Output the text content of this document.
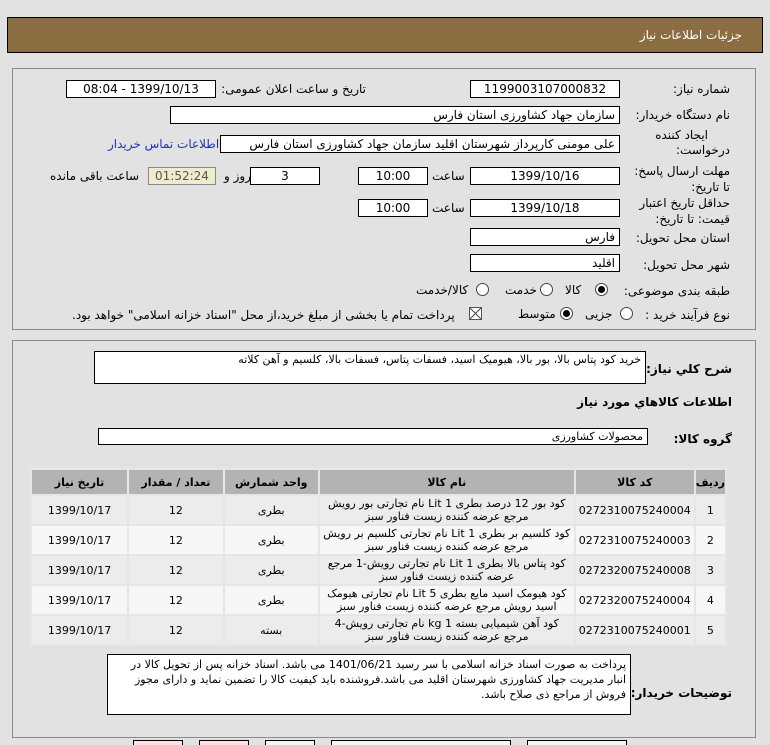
جزئیات اطلاعات نیاز
شماره نیاز:
1199003107000832
تاریخ و ساعت اعلان عمومی:
1399/10/13 - 08:04
نام دستگاه خریدار:
سازمان جهاد کشاورزی استان فارس
ایجاد کننده
درخواست:
علی مومنی کارپرداز شهرستان اقلید سازمان جهاد کشاورزی استان فارس
اطلاعات تماس خریدار
مهلت ارسال پاسخ:
تا تاریخ:
1399/10/16
ساعت
10:00
3
روز و
01:52:24
ساعت باقی مانده
حداقل تاریخ اعتبار
قیمت: تا تاریخ:
1399/10/18
ساعت
10:00
استان محل تحویل:
فارس
شهر محل تحویل:
اقلید
طبقه بندی موضوعی:
کالا
خدمت
کالا/خدمت
نوع فرآیند خرید :
جزیی
متوسط
پرداخت تمام یا بخشی از مبلغ خرید،از محل "اسناد خزانه اسلامی" خواهد بود.
شرح كلي نياز:
خرید کود پتاس بالا، بور بالا، هیومیک اسید، فسفات پتاس، فسفات بالا، کلسیم و آهن کلاته
اطلاعات كالاهاي مورد نياز
گروه کالا:
محصولات کشاورزی
ردیف	کد کالا	نام کالا	واحد شمارش	تعداد / مقدار	تاریخ نیاز
1	0272310075240004	کود بور 12 درصد بطری 1 Lit نام تجارتی بور رویش مرجع عرضه کننده زیست فناور سبز	بطری	12	1399/10/17
2	0272310075240003	کود کلسیم بر بطری 1 Lit نام تجارتی کلسیم بر رویش مرجع عرضه کننده زیست فناور سبز	بطری	12	1399/10/17
3	0272320075240008	کود پتاس بالا بطری 1 Lit نام تجارتی رویش-1 مرجع عرضه کننده زیست فناور سبز	بطری	12	1399/10/17
4	0272320075240004	کود هیومک اسید مایع بطری 5 Lit نام تجارتی هیومک اسید رویش مرجع عرضه کننده زیست فناور سبز	بطری	12	1399/10/17
5	0272310075240001	کود آهن شیمیایی بسته 1 kg نام تجارتی رویش-4 مرجع عرضه کننده زیست فناور سبز	بسته	12	1399/10/17
توضیحات خریدار:
پرداخت به صورت اسناد خزانه اسلامی با سر رسید 1401/06/21 می باشد. اسناد خزانه پس از تحویل کالا در انبار مدیریت جهاد کشاورزی شهرستان اقلید می باشد.فروشنده باید کیفیت کالا را تضمین نماید و دارای مجوز فروش از مراجع ذی صلاح باشد.
